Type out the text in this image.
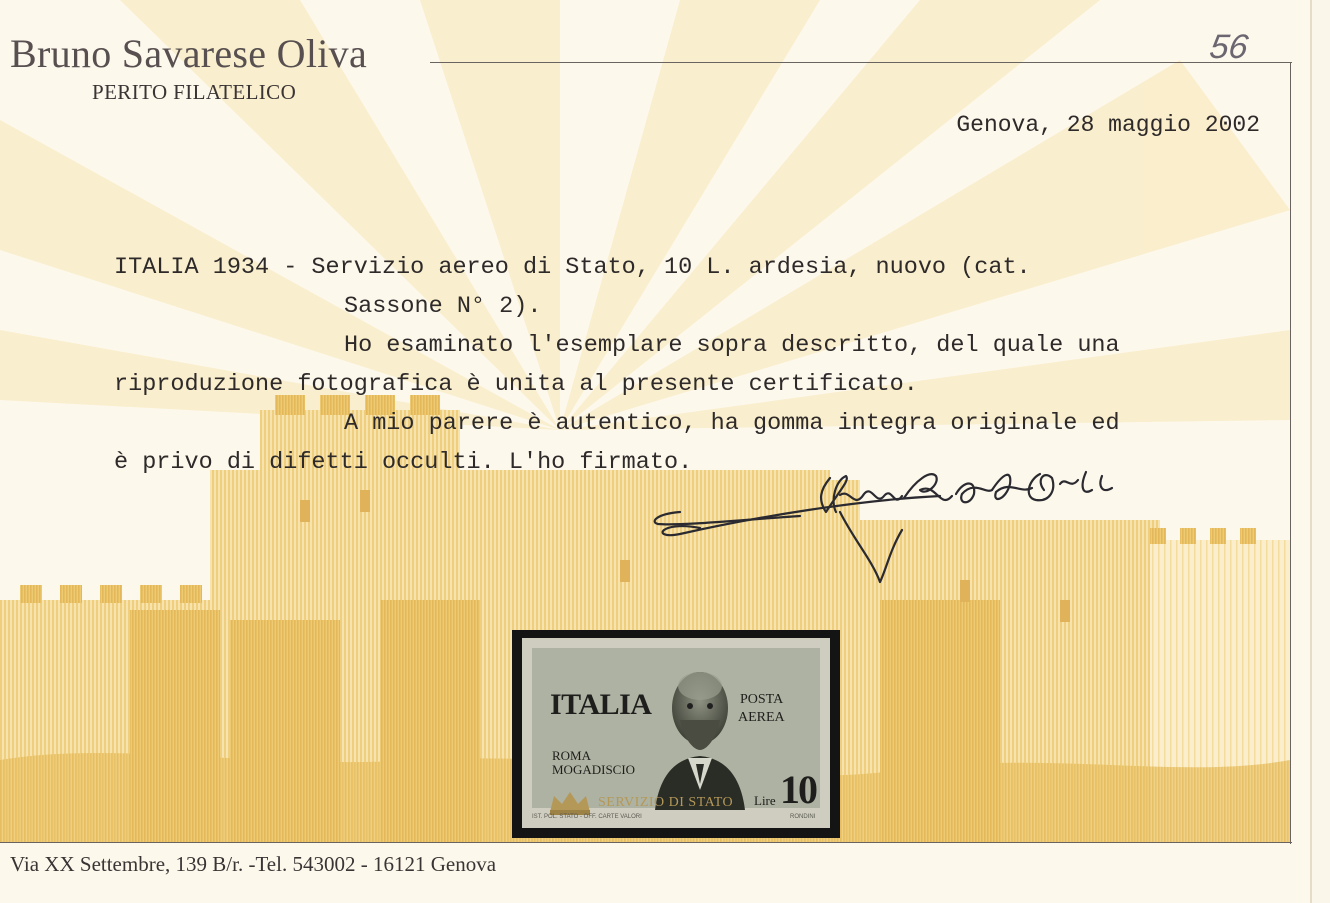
Bruno Savarese Oliva
PERITO FILATELICO
56
Genova, 28 maggio 2002
ITALIA 1934 - Servizio aereo di Stato, 10 L. ardesia, nuovo (cat.
Sassone N° 2).
Ho esaminato l'esemplare sopra descritto, del quale una
riproduzione fotografica è unita al presente certificato.
A mio parere è autentico, ha gomma integra originale ed
è privo di difetti occulti. L'ho firmato.
ITALIA	POSTA
AEREA
ROMA
MOGADISCIO
SERVIZIO DI STATO Lire 10
IST. POL. STATO - OFF. CARTE VALORI	RONDINI
Via XX Settembre, 139 B/r. -Tel. 543002 - 16121 Genova
